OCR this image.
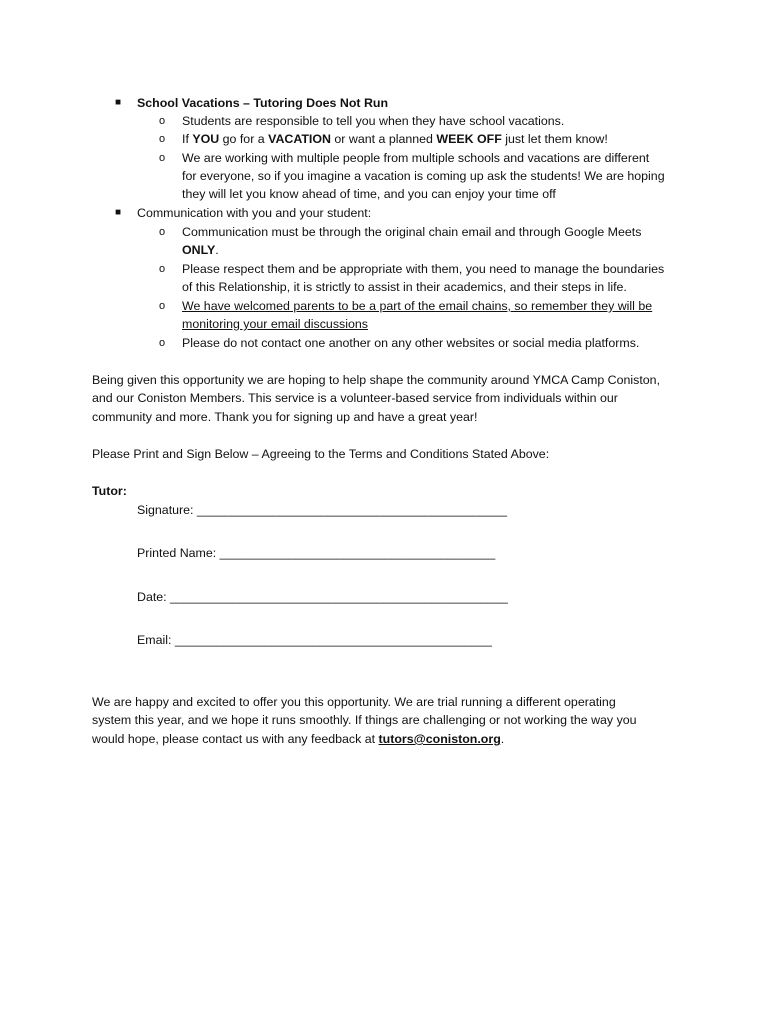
■ School Vacations – Tutoring Does Not Run
o Students are responsible to tell you when they have school vacations.
o If YOU go for a VACATION or want a planned WEEK OFF just let them know!
o We are working with multiple people from multiple schools and vacations are different
for everyone, so if you imagine a vacation is coming up ask the students! We are hoping
they will let you know ahead of time, and you can enjoy your time off
■ Communication with you and your student:
o Communication must be through the original chain email and through Google Meets
ONLY.
o Please respect them and be appropriate with them, you need to manage the boundaries
of this Relationship, it is strictly to assist in their academics, and their steps in life.
o We have welcomed parents to be a part of the email chains, so remember they will be
monitoring your email discussions
o Please do not contact one another on any other websites or social media platforms.
Being given this opportunity we are hoping to help shape the community around YMCA Camp Coniston,
and our Coniston Members. This service is a volunteer-based service from individuals within our
community and more. Thank you for signing up and have a great year!
Please Print and Sign Below – Agreeing to the Terms and Conditions Stated Above:
Tutor:
Signature: _____________________________________________
Printed Name: ________________________________________
Date: _________________________________________________
Email: ______________________________________________
We are happy and excited to offer you this opportunity. We are trial running a different operating
system this year, and we hope it runs smoothly. If things are challenging or not working the way you
would hope, please contact us with any feedback at tutors@coniston.org.
